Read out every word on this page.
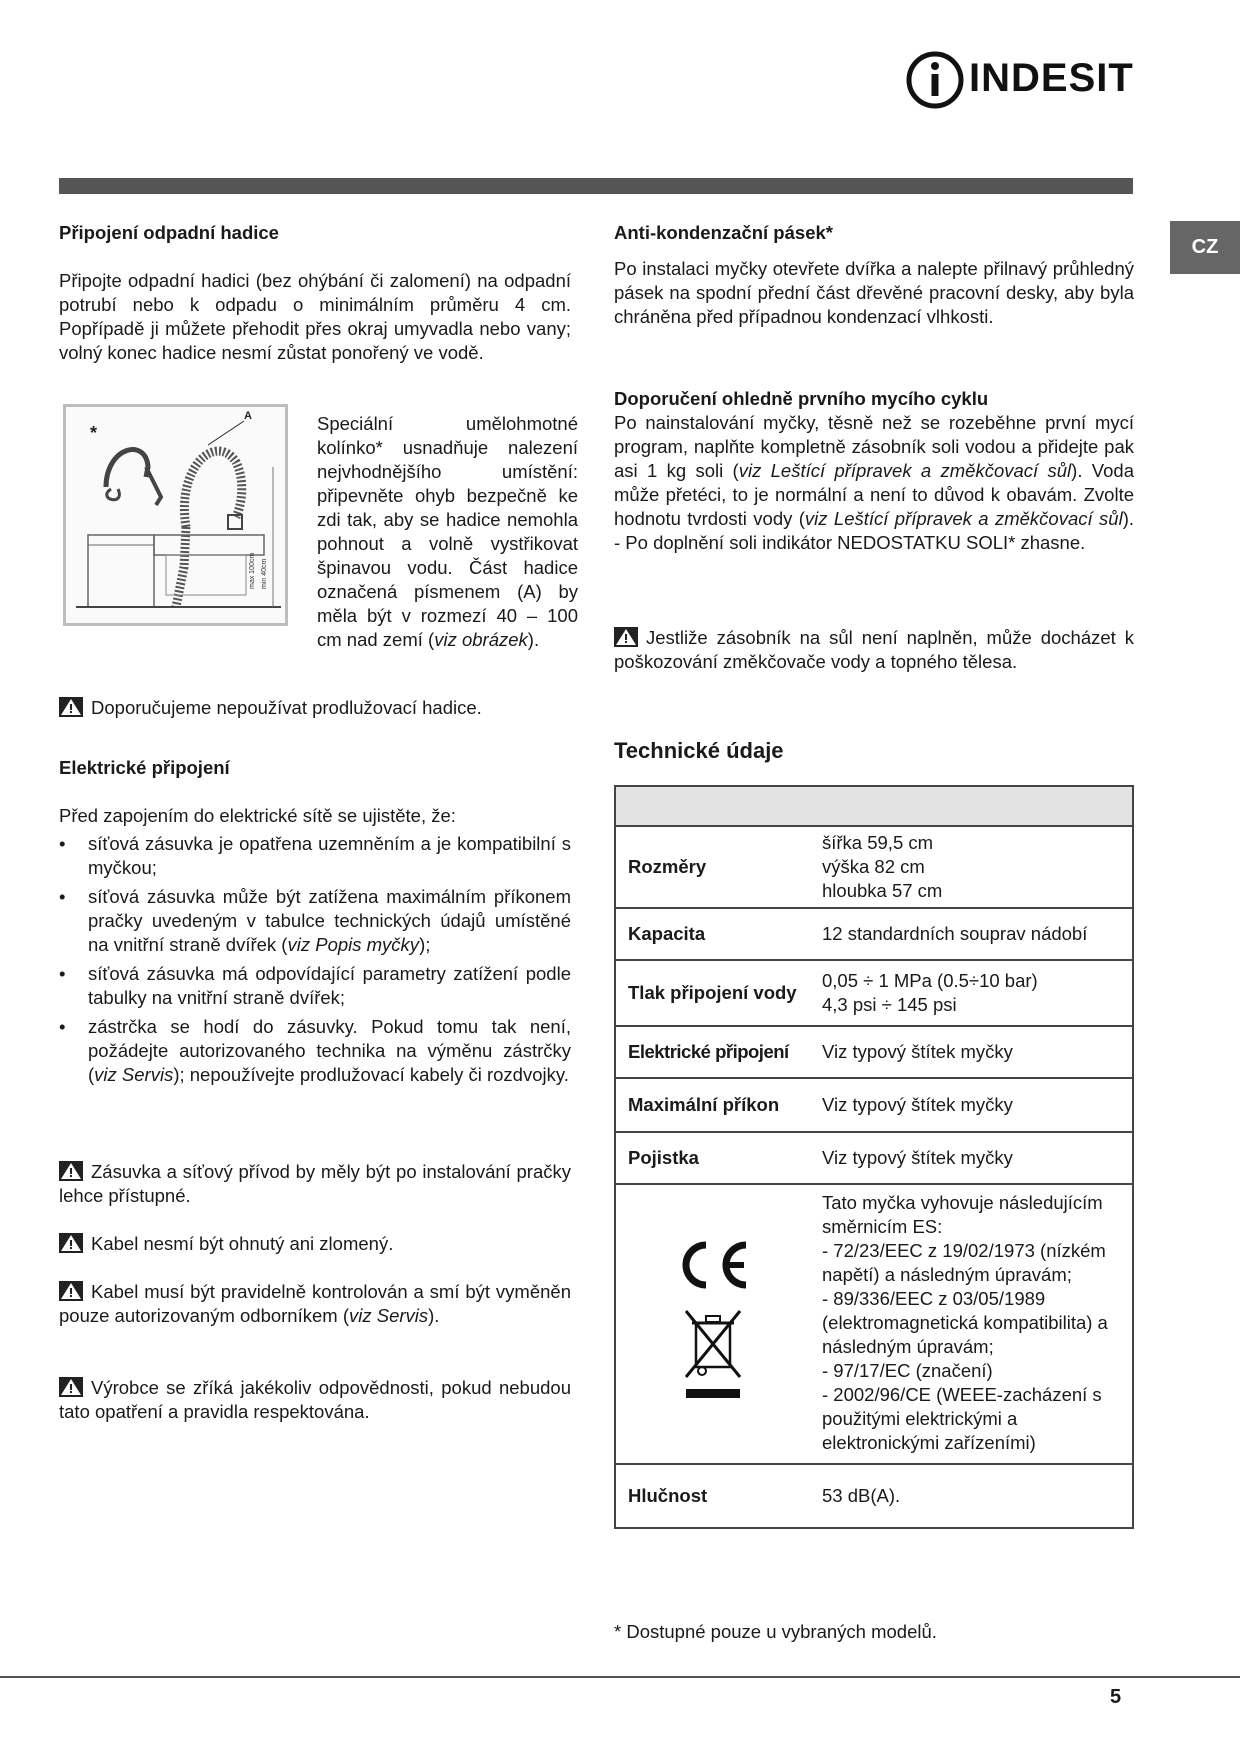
INDESIT
CZ
Připojení odpadní hadice

Připojte odpadní hadici (bez ohýbání či zalomení) na odpadní potrubí nebo k odpadu o minimálním průměru 4 cm. Popřípadě ji můžete přehodit přes okraj umyvadla nebo vany; volný konec hadice nesmí zůstat ponořený ve vodě.

*
A
max 100cm min 40cm
Speciální umělohmotné kolínko* usnadňuje nalezení nejvhodnějšího umístění: připevněte ohyb bezpečně ke zdi tak, aby se hadice nemohla pohnout a volně vystřikovat špinavou vodu. Část hadice označená písmenem (A) by měla být v rozmezí 40 – 100 cm nad zemí (viz obrázek).
Doporučujeme nepoužívat prodlužovací hadice.
Elektrické připojení

Před zapojením do elektrické sítě se ujistěte, že:

• síťová zásuvka je opatřena uzemněním a je kompatibilní s myčkou;
• síťová zásuvka může být zatížena maximálním příkonem pračky uvedeným v tabulce technických údajů umístěné na vnitřní straně dvířek (viz Popis myčky);
• síťová zásuvka má odpovídající parametry zatížení podle tabulky na vnitřní straně dvířek;
• zástrčka se hodí do zásuvky. Pokud tomu tak není, požádejte autorizovaného technika na výměnu zástrčky (viz Servis); nepoužívejte prodlužovací kabely či rozdvojky.

Zásuvka a síťový přívod by měly být po instalování pračky lehce přístupné.

Kabel nesmí být ohnutý ani zlomený.

Kabel musí být pravidelně kontrolován a smí být vyměněn pouze autorizovaným odborníkem (viz Servis).

Výrobce se zříká jakékoliv odpovědnosti, pokud nebudou tato opatření a pravidla respektována.

Anti-kondenzační pásek*

Po instalaci myčky otevřete dvířka a nalepte přilnavý průhledný pásek na spodní přední část dřevěné pracovní desky, aby byla chráněna před případnou kondenzací vlhkosti.

Doporučení ohledně prvního mycího cyklu

Po nainstalování myčky, těsně než se rozeběhne první mycí program, naplňte kompletně zásobník soli vodou a přidejte pak asi 1 kg soli (viz Leštící přípravek a změkčovací sůl). Voda může přetéci, to je normální a není to důvod k obavám. Zvolte hodnotu tvrdosti vody (viz Leštící přípravek a změkčovací sůl). - Po doplnění soli indikátor NEDOSTATKU SOLI* zhasne.

Jestliže zásobník na sůl není naplněn, může docházet k poškozování změkčovače vody a topného tělesa.

Technické údaje

Rozměry	šířka 59,5 cm
výška 82 cm
hloubka 57 cm

Kapacita	12 standardních souprav nádobí
Tlak připojení vody	0,05 ÷ 1 MPa (0.5÷10 bar)
4,3 psi ÷ 145 psi

Elektrické připojení	Viz typový štítek myčky
Maximální příkon	Viz typový štítek myčky
Pojistka	Viz typový štítek myčky
	Tato myčka vyhovuje následujícím směrnicím ES:
- 72/23/EEC z 19/02/1973 (nízkém napětí) a následným úpravám;
- 89/336/EEC z 03/05/1989 (elektromagnetická kompatibilita) a následným úpravám;
- 97/17/EC (značení)
- 2002/96/CE (WEEE-zacházení s použitými elektrickými a elektronickými zařízeními)
Hlučnost	53 dB(A).

* Dostupné pouze u vybraných modelů.

5
